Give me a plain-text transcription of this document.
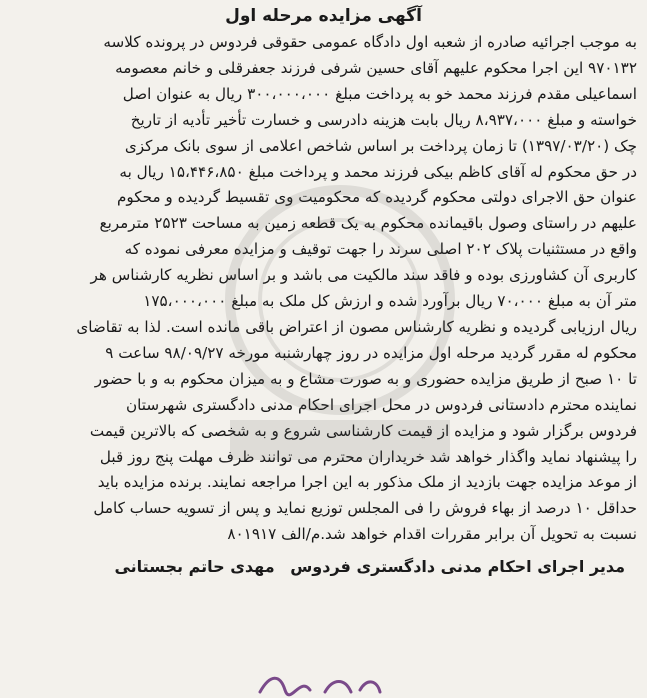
آگهی مزایده مرحله اول
به موجب اجرائیه صادره از شعبه اول دادگاه عمومی حقوقی فردوس در پرونده کلاسه
۹۷۰۱۳۲ این اجرا محکوم علیهم آقای حسین شرفی فرزند جعفرقلی و خانم معصومه
اسماعیلی مقدم فرزند محمد خو به پرداخت مبلغ ۳۰۰،۰۰۰،۰۰۰ ریال به عنوان اصل
خواسته و مبلغ ۸،۹۳۷،۰۰۰ ریال بابت هزینه دادرسی و خسارت تأخیر تأدیه از تاریخ
چک (۱۳۹۷/۰۳/۲۰) تا زمان پرداخت بر اساس شاخص اعلامی از سوی بانک مرکزی
در حق محکوم له آقای کاظم بیکی فرزند محمد و پرداخت مبلغ ۱۵،۴۴۶،۸۵۰ ریال به
عنوان حق الاجرای دولتی محکوم گردیده که محکومیت وی تقسیط گردیده و محکوم
علیهم در راستای وصول باقیمانده محکوم به یک قطعه زمین به مساحت ۲۵۲۳ مترمربع
واقع در مستثنیات پلاک ۲۰۲ اصلی سرند را جهت توقیف و مزایده معرفی نموده که
کاربری آن کشاورزی بوده و فاقد سند مالکیت می باشد و بر اساس نظریه کارشناس هر
متر آن به مبلغ ۷۰،۰۰۰ ریال برآورد شده و ارزش کل ملک به مبلغ ۱۷۵،۰۰۰،۰۰۰
ریال ارزیابی گردیده و نظریه کارشناس مصون از اعتراض باقی مانده است. لذا به تقاضای
محکوم له مقرر گردید مرحله اول مزایده در روز چهارشنبه مورخه ۹۸/۰۹/۲۷ ساعت ۹
تا ۱۰ صبح از طریق مزایده حضوری و به صورت مشاع و به میزان محکوم به و با حضور
نماینده محترم دادستانی فردوس در محل اجرای احکام مدنی دادگستری شهرستان
فردوس برگزار شود و مزایده از قیمت کارشناسی شروع و به شخصی که بالاترین قیمت
را پیشنهاد نماید واگذار خواهد شد خریداران محترم می توانند ظرف مهلت پنج روز قبل
از موعد مزایده جهت بازدید از ملک مذکور به این اجرا مراجعه نمایند. برنده مزایده باید
حداقل ۱۰ درصد از بهاء فروش را فی المجلس توزیع نماید و پس از تسویه حساب کامل
نسبت به تحویل آن برابر مقررات اقدام خواهد شد.م/الف ۸۰۱۹۱۷
مدیر اجرای احکام مدنی دادگستری فردوس مهدی حاتم بجستانی
